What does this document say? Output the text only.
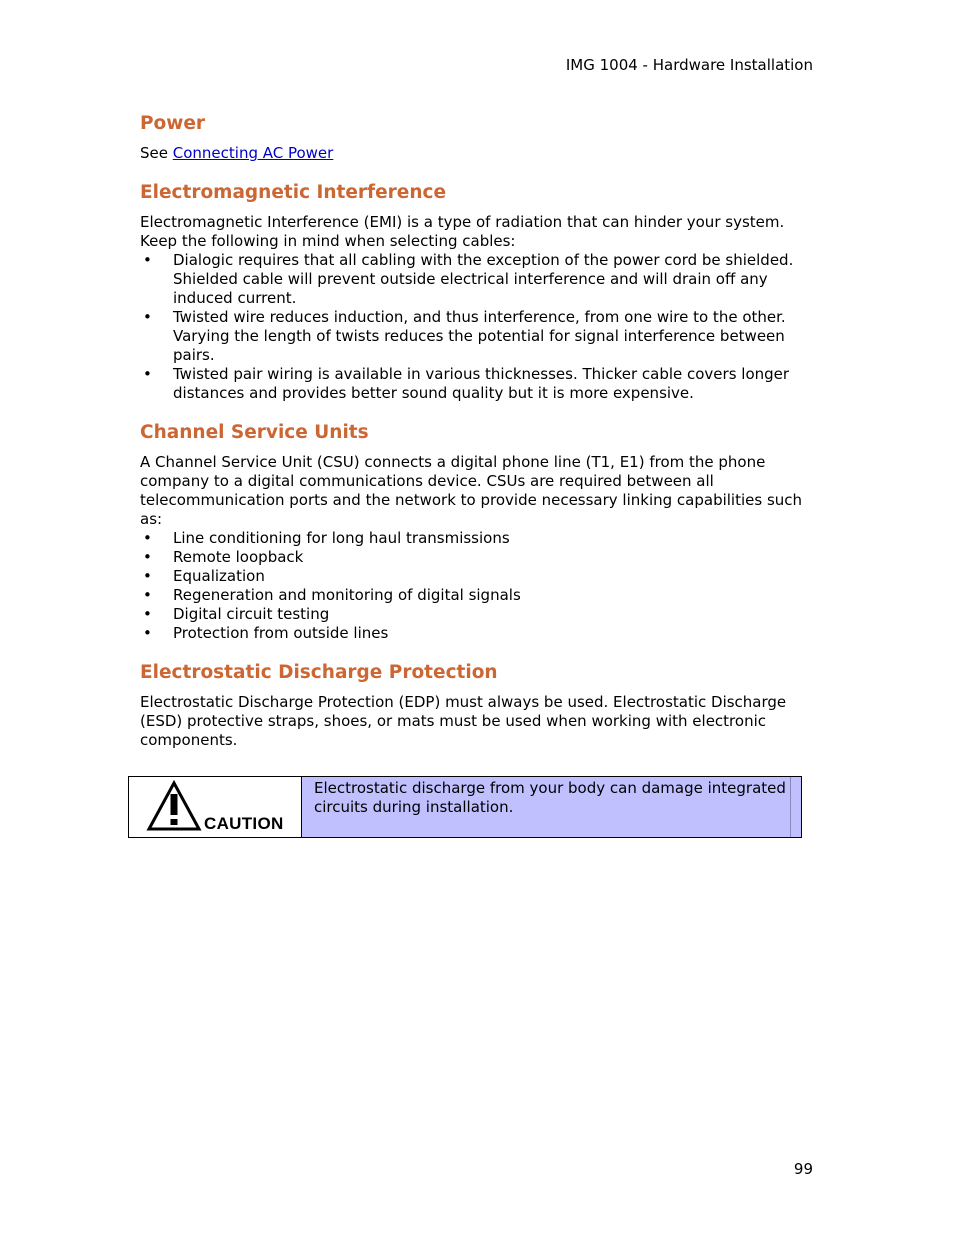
IMG 1004 - Hardware Installation
Power

See Connecting AC Power

Electromagnetic Interference

Electromagnetic Interference (EMI) is a type of radiation that can hinder your system. Keep the following in mind when selecting cables:

• Dialogic requires that all cabling with the exception of the power cord be shielded. Shielded cable will prevent outside electrical interference and will drain off any induced current.
• Twisted wire reduces induction, and thus interference, from one wire to the other. Varying the length of twists reduces the potential for signal interference between pairs.
• Twisted pair wiring is available in various thicknesses. Thicker cable covers longer distances and provides better sound quality but it is more expensive.
Channel Service Units

A Channel Service Unit (CSU) connects a digital phone line (T1, E1) from the phone company to a digital communications device. CSUs are required between all telecommunication ports and the network to provide necessary linking capabilities such as:

• Line conditioning for long haul transmissions
• Remote loopback
• Equalization
• Regeneration and monitoring of digital signals
• Digital circuit testing
• Protection from outside lines
Electrostatic Discharge Protection

Electrostatic Discharge Protection (EDP) must always be used. Electrostatic Discharge (ESD) protective straps, shoes, or mats must be used when working with electronic components.

CAUTION
Electrostatic discharge from your body can damage integrated circuits during installation.
99
